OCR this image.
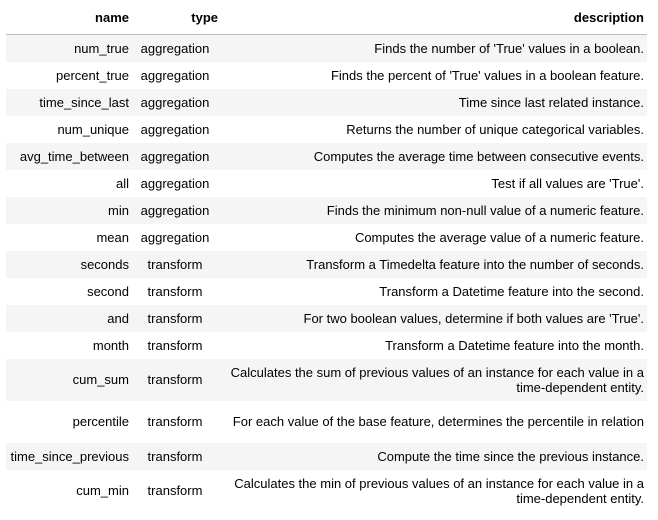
name	type	description
num_true	aggregation	Finds the number of 'True' values in a boolean.
percent_true	aggregation	Finds the percent of 'True' values in a boolean feature.
time_since_last	aggregation	Time since last related instance.
num_unique	aggregation	Returns the number of unique categorical variables.
avg_time_between	aggregation	Computes the average time between consecutive events.
all	aggregation	Test if all values are 'True'.
min	aggregation	Finds the minimum non-null value of a numeric feature.
mean	aggregation	Computes the average value of a numeric feature.
seconds	transform	Transform a Timedelta feature into the number of seconds.
second	transform	Transform a Datetime feature into the second.
and	transform	For two boolean values, determine if both values are 'True'.
month	transform	Transform a Datetime feature into the month.
cum_sum	transform	Calculates the sum of previous values of an instance for each value in a time-dependent entity.
percentile	transform	For each value of the base feature, determines the percentile in relation
time_since_previous	transform	Compute the time since the previous instance.
cum_min	transform	Calculates the min of previous values of an instance for each value in a time-dependent entity.
